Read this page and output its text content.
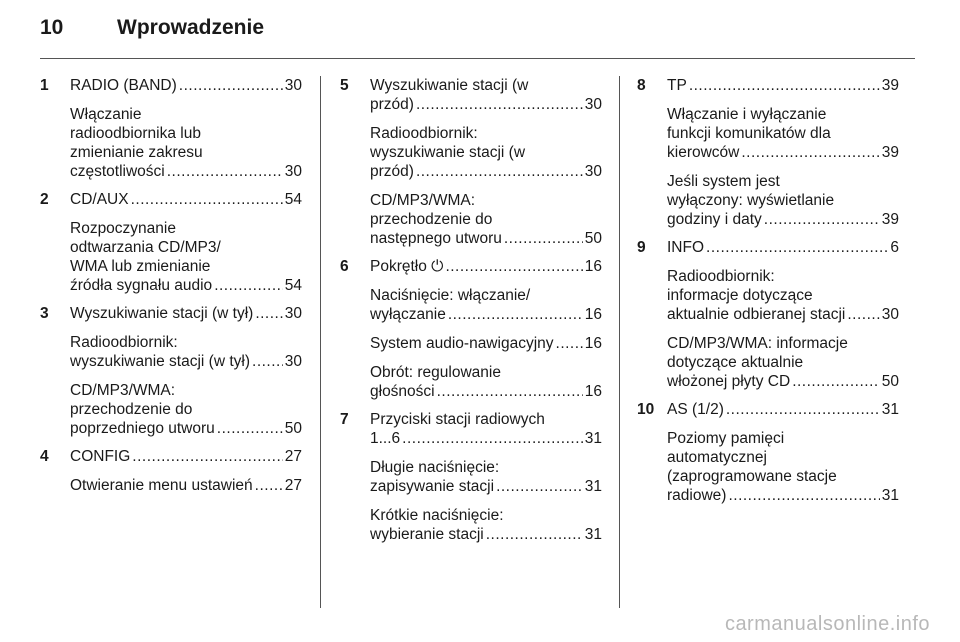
10	Wprowadzenie
1 RADIO (BAND) .....	30
Włączanie
radioodbiornika lub
zmienianie zakresu
częstotliwości .....	30
2 CD/AUX .....	54
Rozpoczynanie
odtwarzania CD/MP3/
WMA lub zmienianie
źródła sygnału audio .....	54
3 Wyszukiwanie stacji (w tył) ..... 30
Radioodbiornik:
wyszukiwanie stacji (w tył) ..... 30
CD/MP3/WMA:
przechodzenie do
poprzedniego utworu .....	50
4 CONFIG .....	27
Otwieranie menu ustawień ..... 27
5 Wyszukiwanie stacji (w
przód) .....	30
Radioodbiornik:
wyszukiwanie stacji (w
przód) .....	30
CD/MP3/WMA:
przechodzenie do
następnego utworu .....	50
6 Pokrętło ⏻ .....	16
Naciśnięcie: włączanie/
wyłączanie .....	16
System audio-nawigacyjny ..... 16
Obrót: regulowanie
głośności .....	16
7 Przyciski stacji radiowych
1...6 .....	31
Długie naciśnięcie:
zapisywanie stacji .....	31
Krótkie naciśnięcie:
wybieranie stacji .....	31
8 TP .....	39
Włączanie i wyłączanie
funkcji komunikatów dla
kierowców .....	39
Jeśli system jest
wyłączony: wyświetlanie
godziny i daty .....	39
9 INFO .....	6
Radioodbiornik:
informacje dotyczące
aktualnie odbieranej stacji ..... 30
CD/MP3/WMA: informacje
dotyczące aktualnie
włożonej płyty CD .....	50
10 AS (1/2) .....	31
Poziomy pamięci
automatycznej
(zaprogramowane stacje
radiowe) .....	31
carmanualsonline.info
